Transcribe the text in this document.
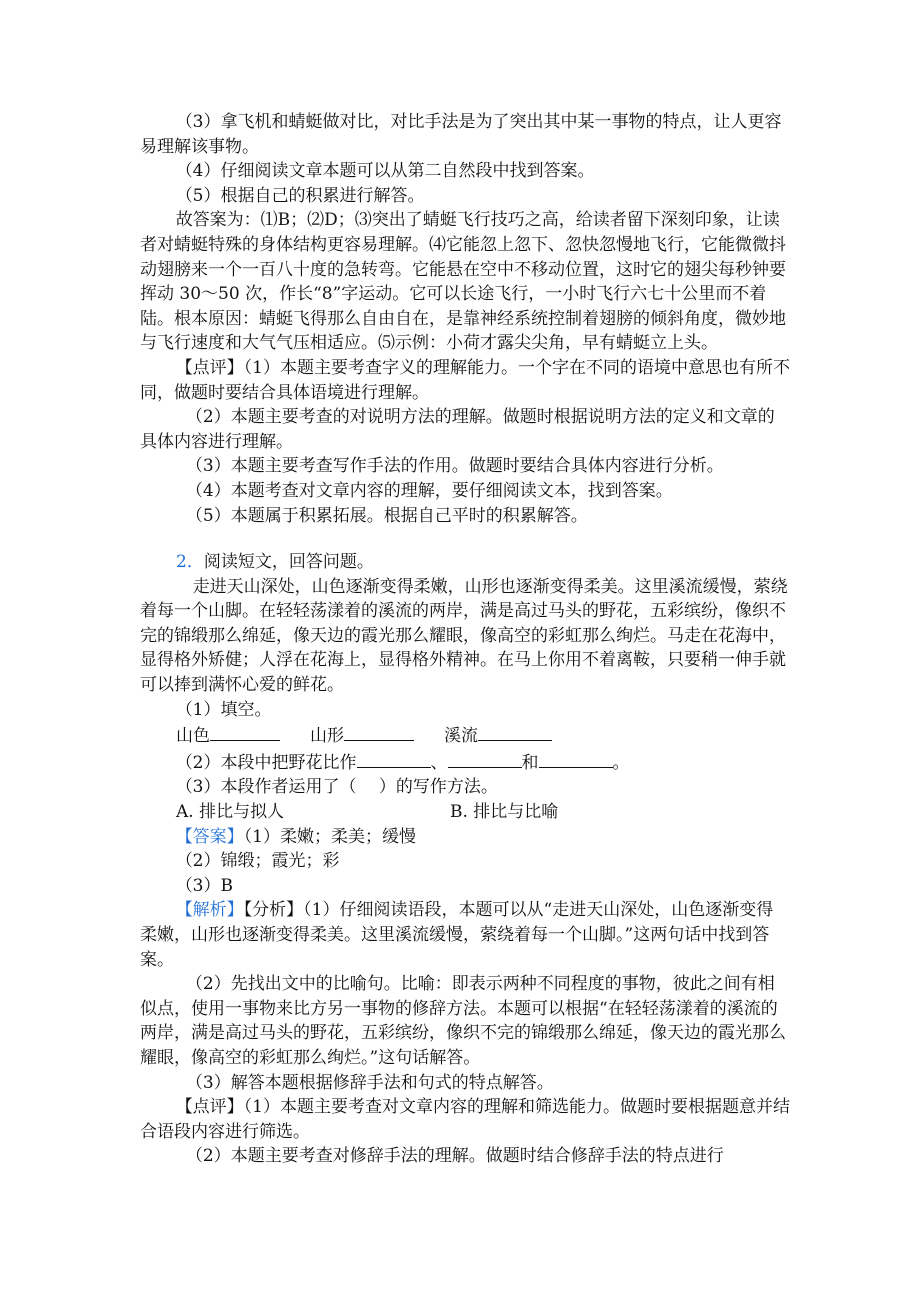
（3）拿飞机和蜻蜓做对比，对比手法是为了突出其中某一事物的特点，让人更容易理解该事物。

（4）仔细阅读文章本题可以从第二自然段中找到答案。

（5）根据自己的积累进行解答。

故答案为：⑴B；⑵D；⑶突出了蜻蜓飞行技巧之高，给读者留下深刻印象，让读者对蜻蜓特殊的身体结构更容易理解。⑷它能忽上忽下、忽快忽慢地飞行，它能微微抖动翅膀来一个一百八十度的急转弯。它能悬在空中不移动位置，这时它的翅尖每秒钟要挥动 30～50 次，作长“8”字运动。它可以长途飞行，一小时飞行六七十公里而不着陆。根本原因：蜻蜓飞得那么自由自在，是靠神经系统控制着翅膀的倾斜角度，微妙地与飞行速度和大气气压相适应。⑸示例：小荷才露尖尖角，早有蜻蜓立上头。

【点评】（1）本题主要考查字义的理解能力。一个字在不同的语境中意思也有所不同，做题时要结合具体语境进行理解。

（2）本题主要考查的对说明方法的理解。做题时根据说明方法的定义和文章的具体内容进行理解。

（3）本题主要考查写作手法的作用。做题时要结合具体内容进行分析。

（4）本题考查对文章内容的理解，要仔细阅读文本，找到答案。

（5）本题属于积累拓展。根据自己平时的积累解答。

2．阅读短文，回答问题。

走进天山深处，山色逐渐变得柔嫩，山形也逐渐变得柔美。这里溪流缓慢，萦绕着每一个山脚。在轻轻荡漾着的溪流的两岸，满是高过马头的野花，五彩缤纷，像织不完的锦缎那么绵延，像天边的霞光那么耀眼，像高空的彩虹那么绚烂。马走在花海中，显得格外矫健；人浮在花海上，显得格外精神。在马上你用不着离鞍，只要稍一伸手就可以捧到满怀心爱的鲜花。

（1）填空。

山色	山形	溪流

（2）本段中把野花比作	、	和	。

（3）本段作者运用了（　 ）的写作方法。

A. 排比与拟人	B. 排比与比喻

【答案】（1）柔嫩；柔美；缓慢

（2）锦缎；霞光；彩

（3）B

【解析】【分析】（1）仔细阅读语段，本题可以从“走进天山深处，山色逐渐变得柔嫩，山形也逐渐变得柔美。这里溪流缓慢，萦绕着每一个山脚。”这两句话中找到答案。

（2）先找出文中的比喻句。比喻：即表示两种不同程度的事物，彼此之间有相似点，使用一事物来比方另一事物的修辞方法。本题可以根据“在轻轻荡漾着的溪流的两岸，满是高过马头的野花，五彩缤纷，像织不完的锦缎那么绵延，像天边的霞光那么耀眼，像高空的彩虹那么绚烂。”这句话解答。

（3）解答本题根据修辞手法和句式的特点解答。

【点评】（1）本题主要考查对文章内容的理解和筛选能力。做题时要根据题意并结合语段内容进行筛选。

（2）本题主要考查对修辞手法的理解。做题时结合修辞手法的特点进行
